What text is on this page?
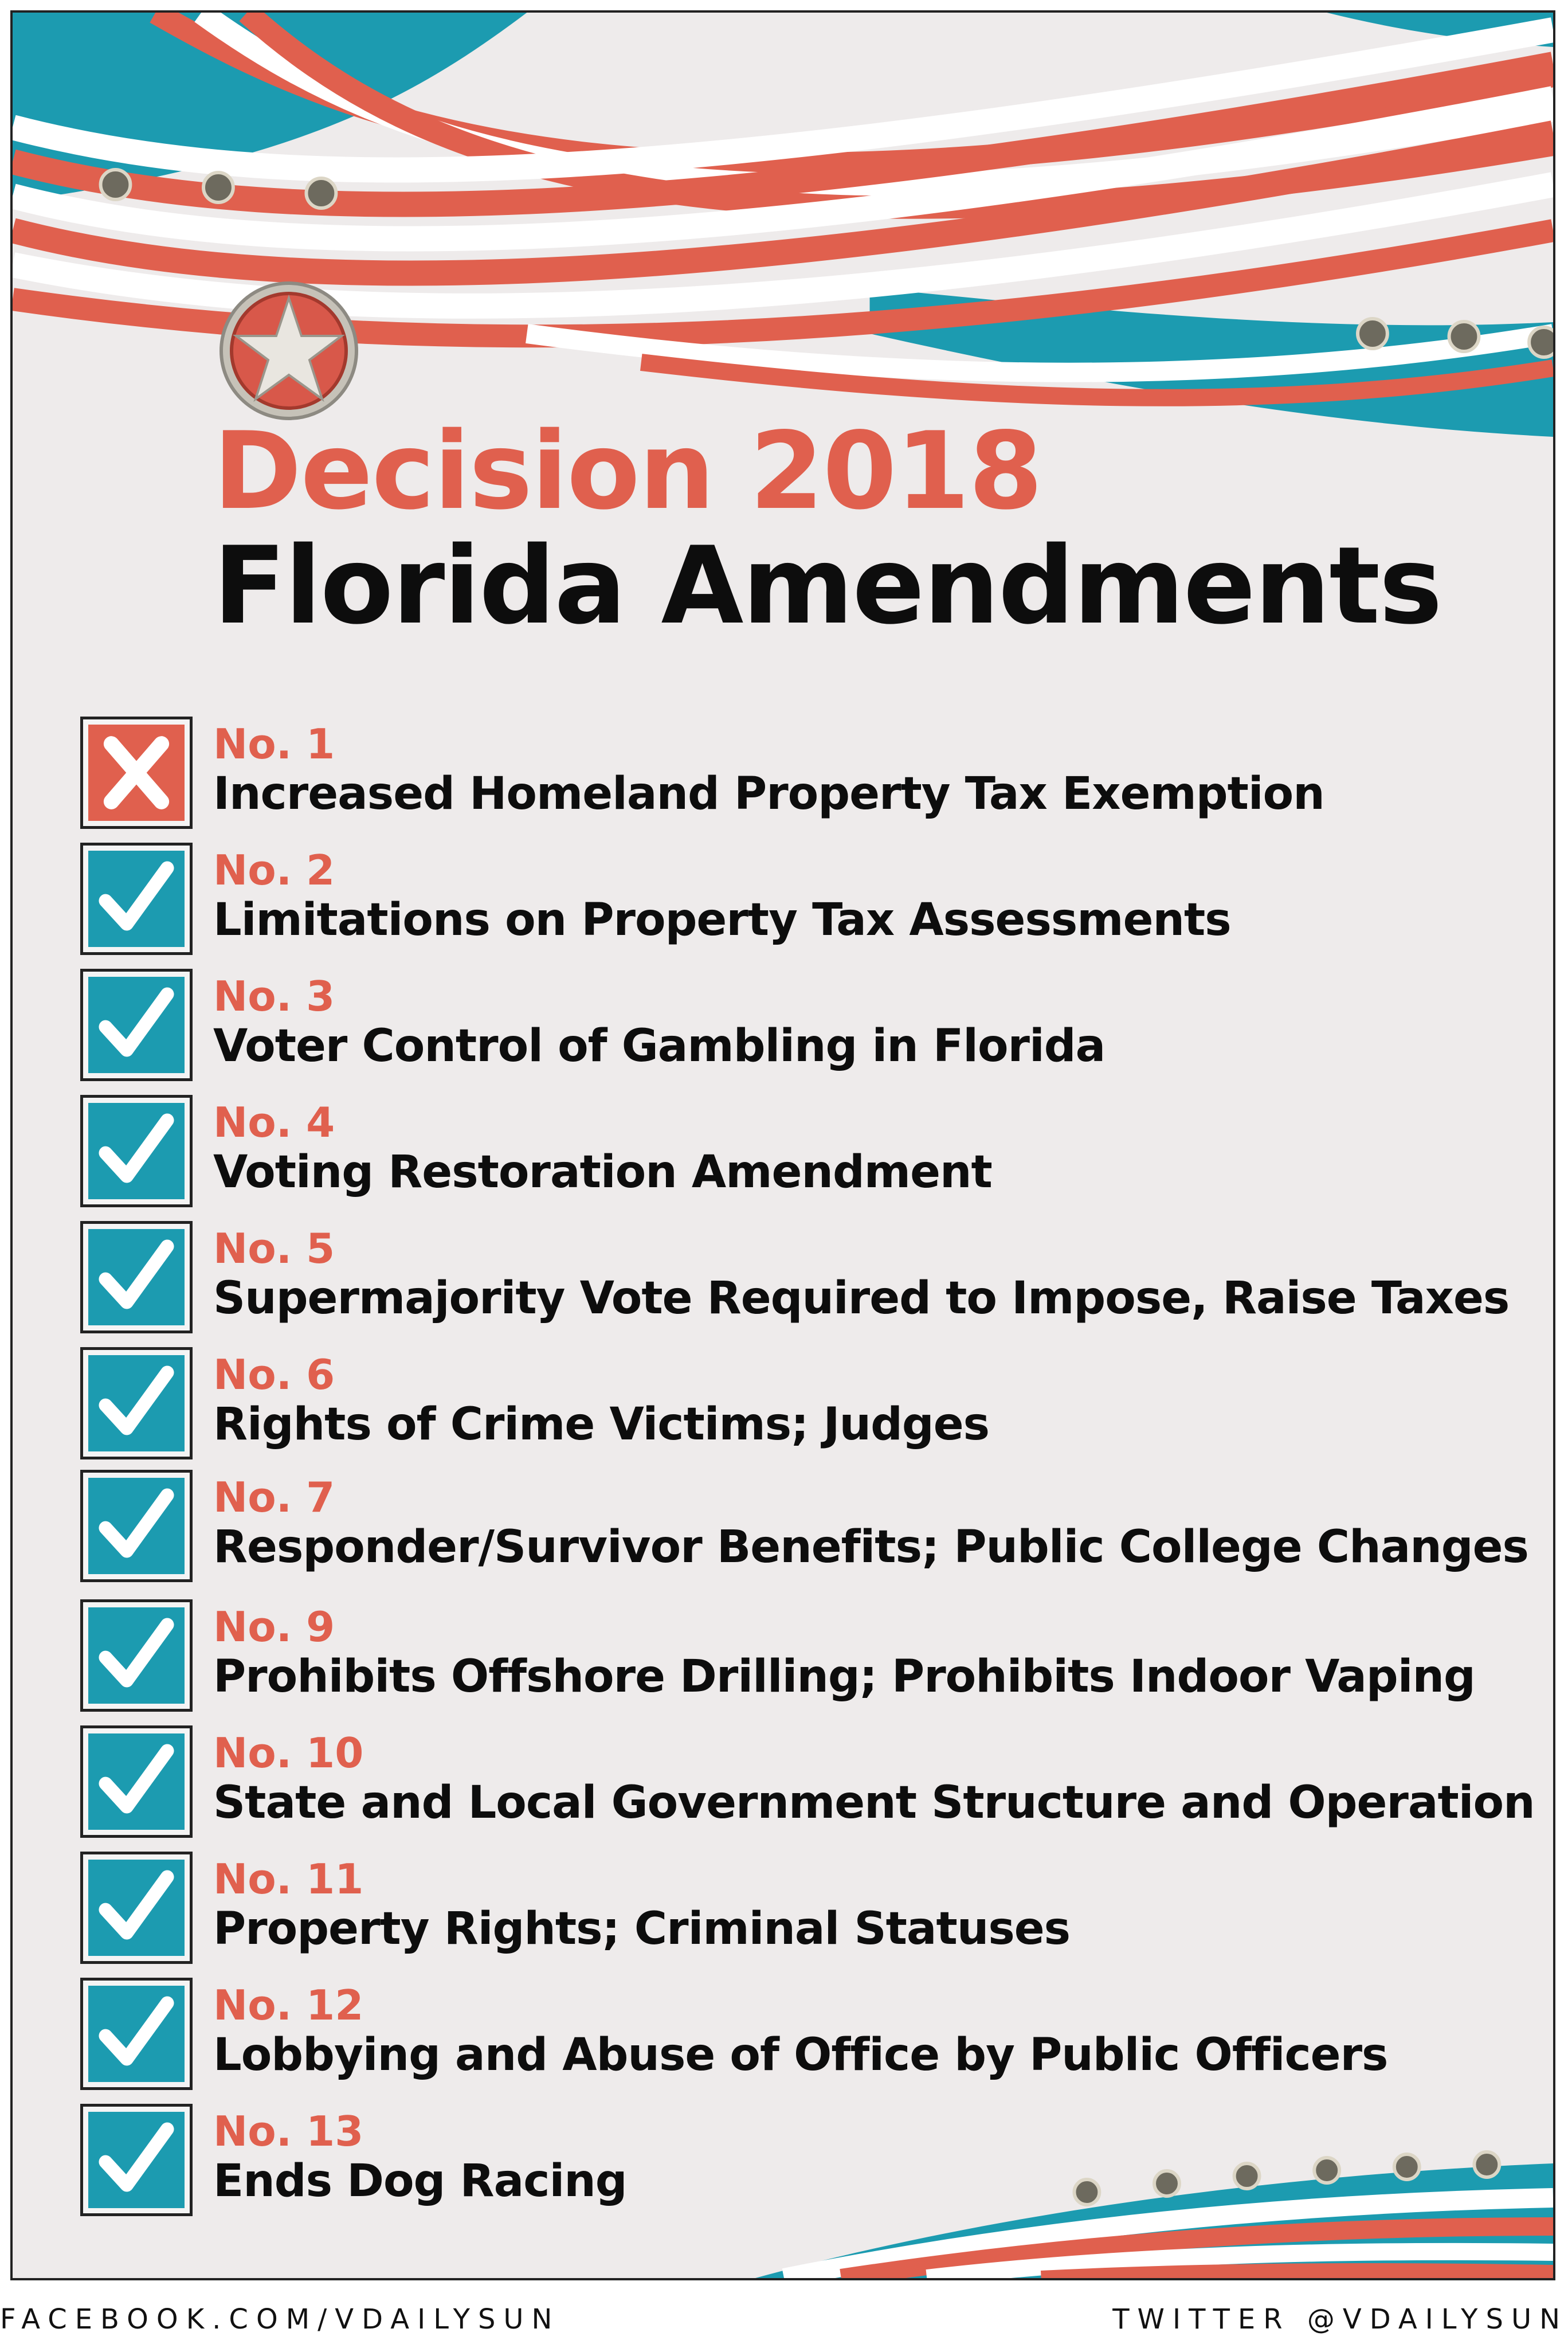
Decision 2018
Florida Amendments
No. 1
Increased Homeland Property Tax Exemption
No. 2
Limitations on Property Tax Assessments
No. 3
Voter Control of Gambling in Florida
No. 4
Voting Restoration Amendment
No. 5
Supermajority Vote Required to Impose, Raise Taxes
No. 6
Rights of Crime Victims; Judges
No. 7
Responder/Survivor Benefits; Public College Changes
No. 9
Prohibits Offshore Drilling; Prohibits Indoor Vaping
No. 10
State and Local Government Structure and Operation
No. 11
Property Rights; Criminal Statuses
No. 12
Lobbying and Abuse of Office by Public Officers
No. 13
Ends Dog Racing
FACEBOOK.COM/VDAILYSUN	TWITTER @VDAILYSUN
